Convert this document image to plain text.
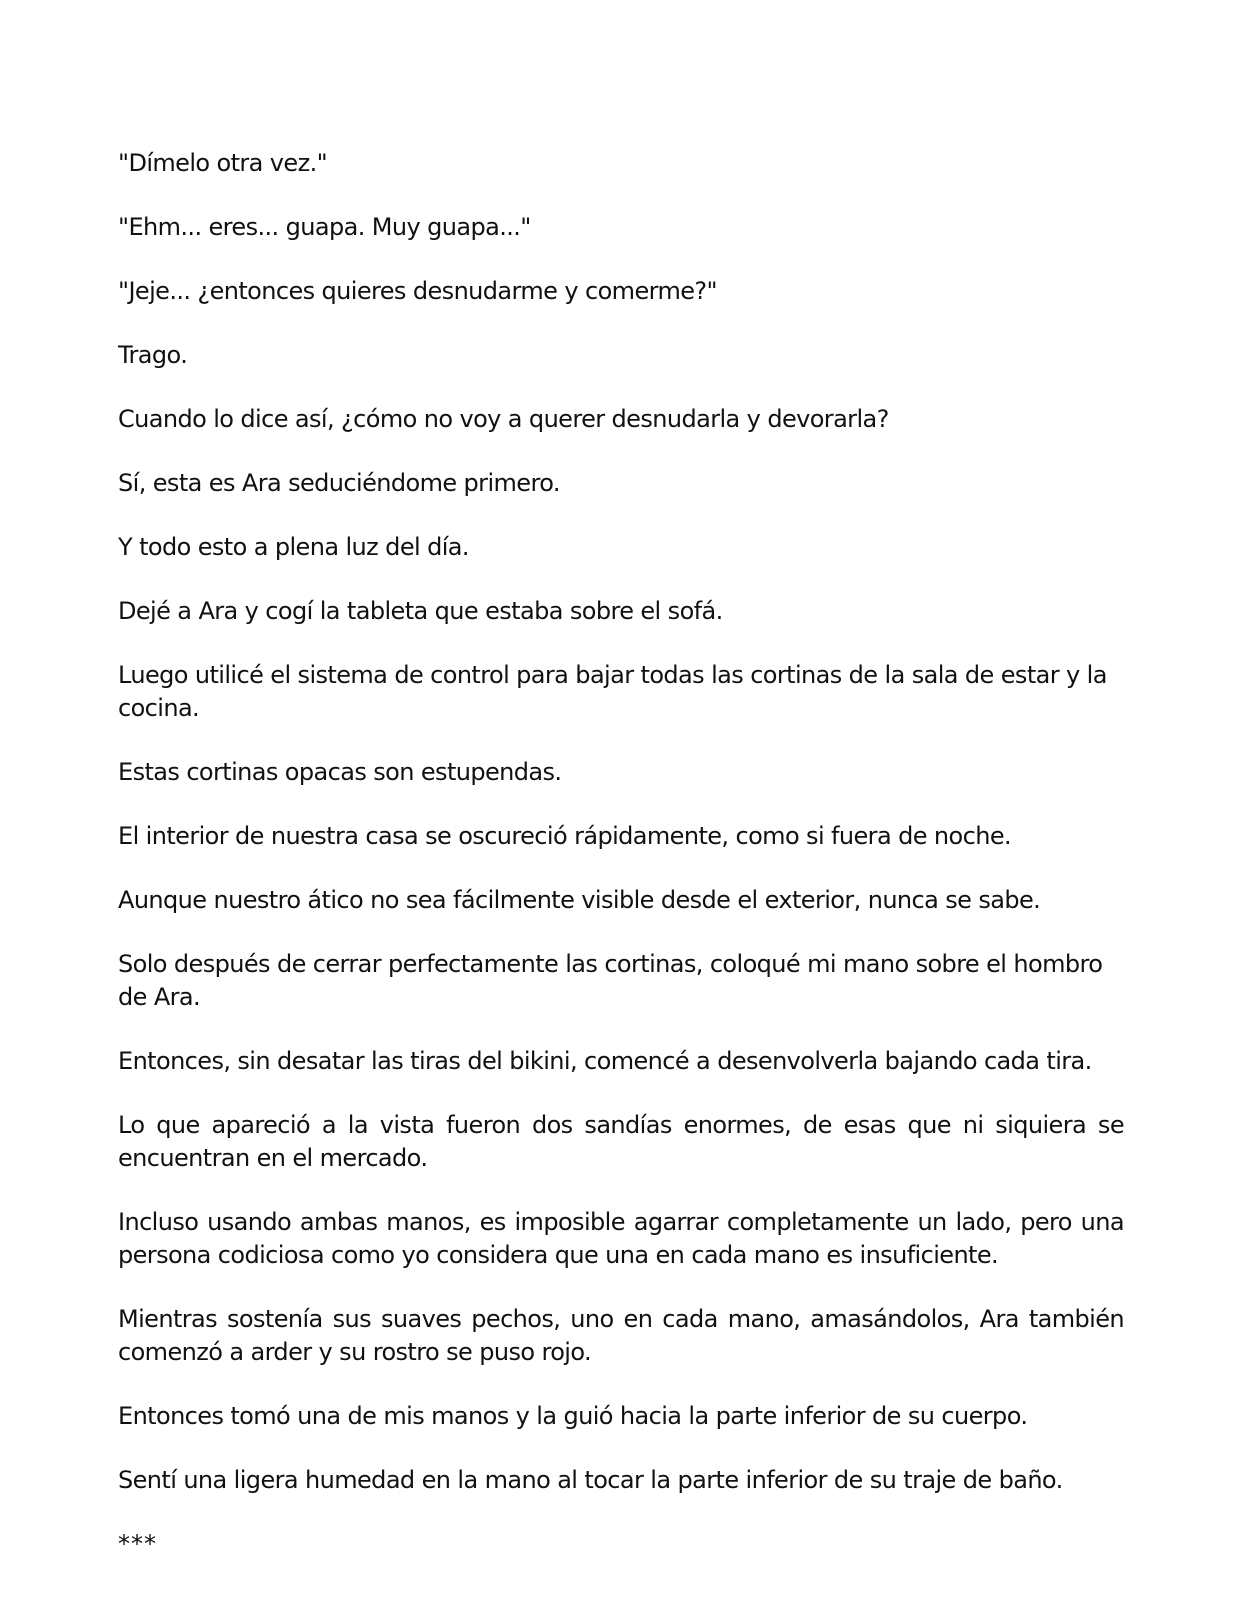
"Dímelo otra vez."

"Ehm... eres... guapa. Muy guapa..."

"Jeje... ¿entonces quieres desnudarme y comerme?"

Trago.

Cuando lo dice así, ¿cómo no voy a querer desnudarla y devorarla?

Sí, esta es Ara seduciéndome primero.

Y todo esto a plena luz del día.

Dejé a Ara y cogí la tableta que estaba sobre el sofá.

Luego utilicé el sistema de control para bajar todas las cortinas de la sala de estar y la cocina.

Estas cortinas opacas son estupendas.

El interior de nuestra casa se oscureció rápidamente, como si fuera de noche.

Aunque nuestro ático no sea fácilmente visible desde el exterior, nunca se sabe.

Solo después de cerrar perfectamente las cortinas, coloqué mi mano sobre el hombro de Ara.

Entonces, sin desatar las tiras del bikini, comencé a desenvolverla bajando cada tira.

Lo que apareció a la vista fueron dos sandías enormes, de esas que ni siquiera se encuentran en el mercado.

Incluso usando ambas manos, es imposible agarrar completamente un lado, pero una persona codiciosa como yo considera que una en cada mano es insuficiente.

Mientras sostenía sus suaves pechos, uno en cada mano, amasándolos, Ara también comenzó a arder y su rostro se puso rojo.

Entonces tomó una de mis manos y la guió hacia la parte inferior de su cuerpo.

Sentí una ligera humedad en la mano al tocar la parte inferior de su traje de baño.

***
